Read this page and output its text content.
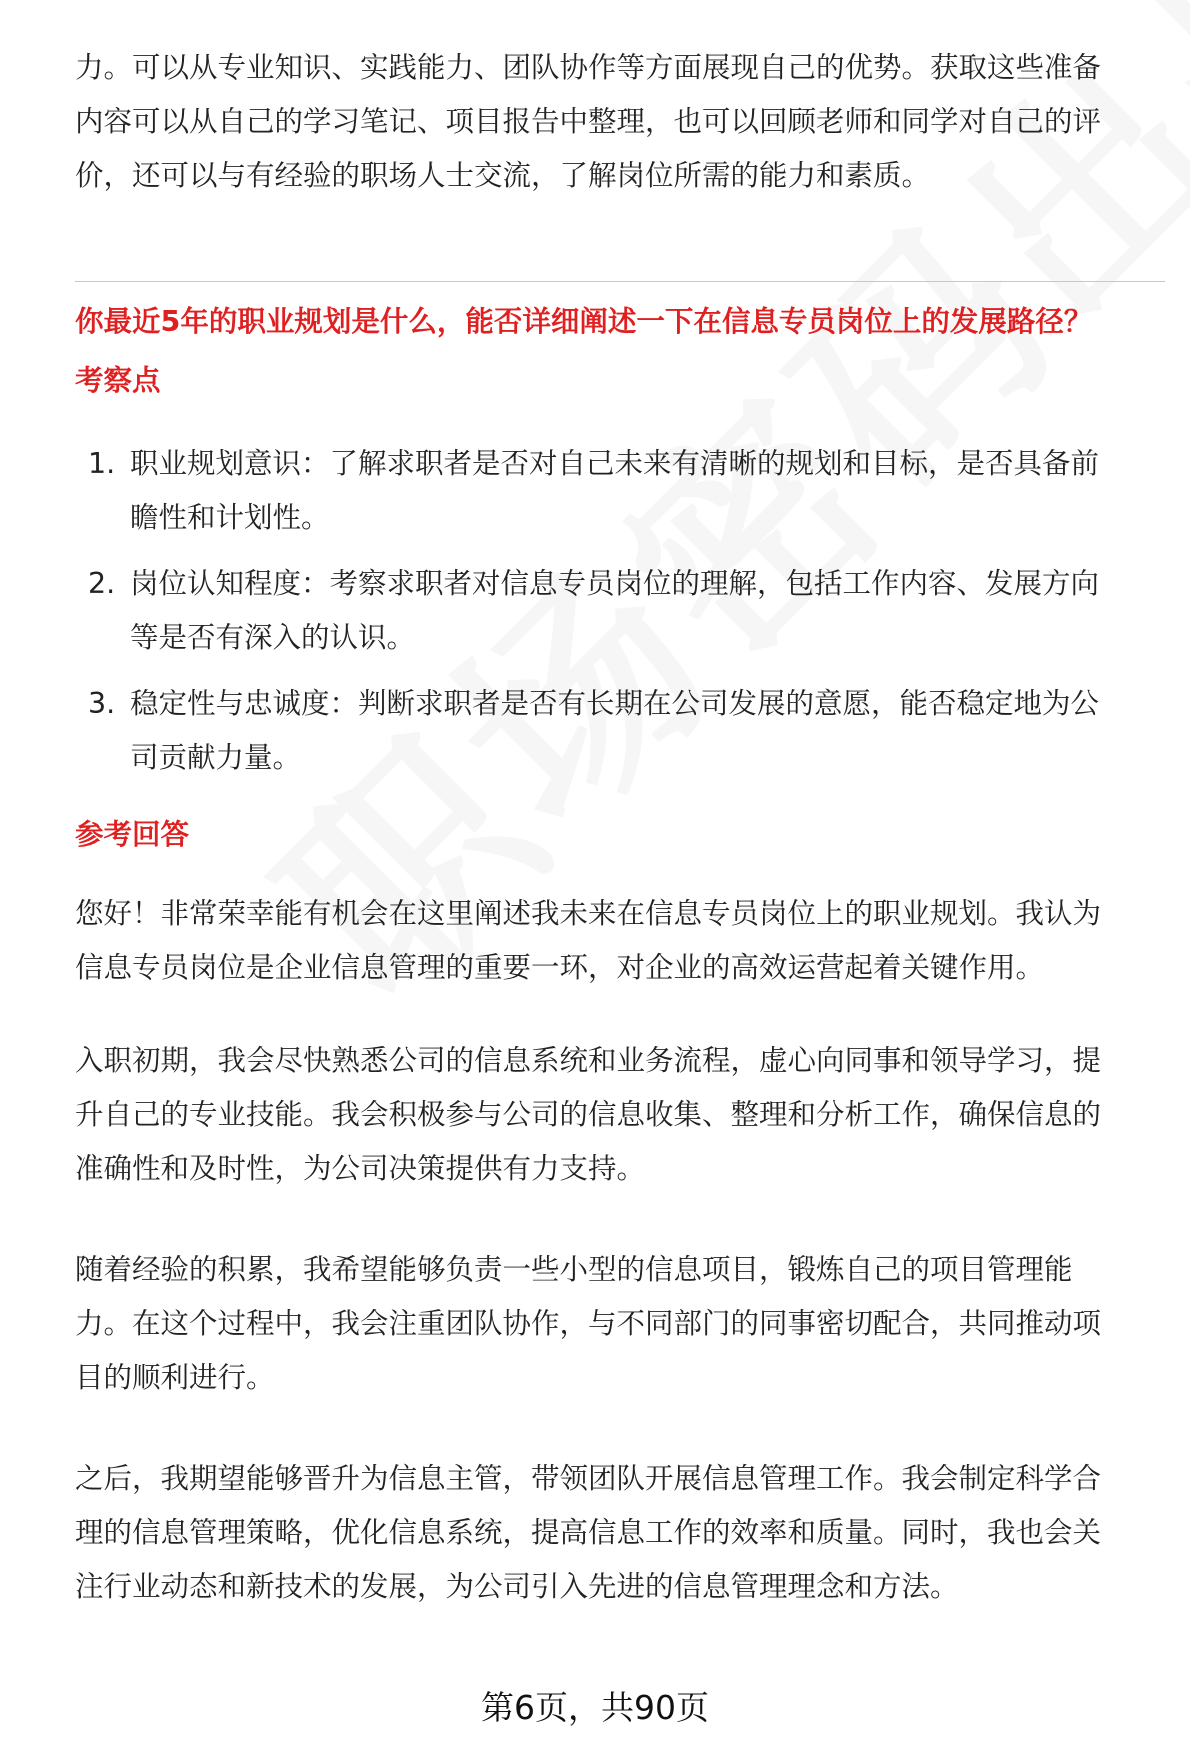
力。可以从专业知识、实践能力、团队协作等方面展现自己的优势。获取这些准备
内容可以从自己的学习笔记、项目报告中整理，也可以回顾老师和同学对自己的评
价，还可以与有经验的职场人士交流，了解岗位所需的能力和素质。
你最近5年的职业规划是什么，能否详细阐述一下在信息专员岗位上的发展路径？
考察点
1. 职业规划意识：了解求职者是否对自己未来有清晰的规划和目标，是否具备前
瞻性和计划性。
2. 岗位认知程度：考察求职者对信息专员岗位的理解，包括工作内容、发展方向
等是否有深入的认识。
3. 稳定性与忠诚度：判断求职者是否有长期在公司发展的意愿，能否稳定地为公
司贡献力量。
参考回答
您好！非常荣幸能有机会在这里阐述我未来在信息专员岗位上的职业规划。我认为
信息专员岗位是企业信息管理的重要一环，对企业的高效运营起着关键作用。
入职初期，我会尽快熟悉公司的信息系统和业务流程，虚心向同事和领导学习，提
升自己的专业技能。我会积极参与公司的信息收集、整理和分析工作，确保信息的
准确性和及时性，为公司决策提供有力支持。
随着经验的积累，我希望能够负责一些小型的信息项目，锻炼自己的项目管理能
力。在这个过程中，我会注重团队协作，与不同部门的同事密切配合，共同推动项
目的顺利进行。
之后，我期望能够晋升为信息主管，带领团队开展信息管理工作。我会制定科学合
理的信息管理策略，优化信息系统，提高信息工作的效率和质量。同时，我也会关
注行业动态和新技术的发展，为公司引入先进的信息管理理念和方法。
第6页，共90页
